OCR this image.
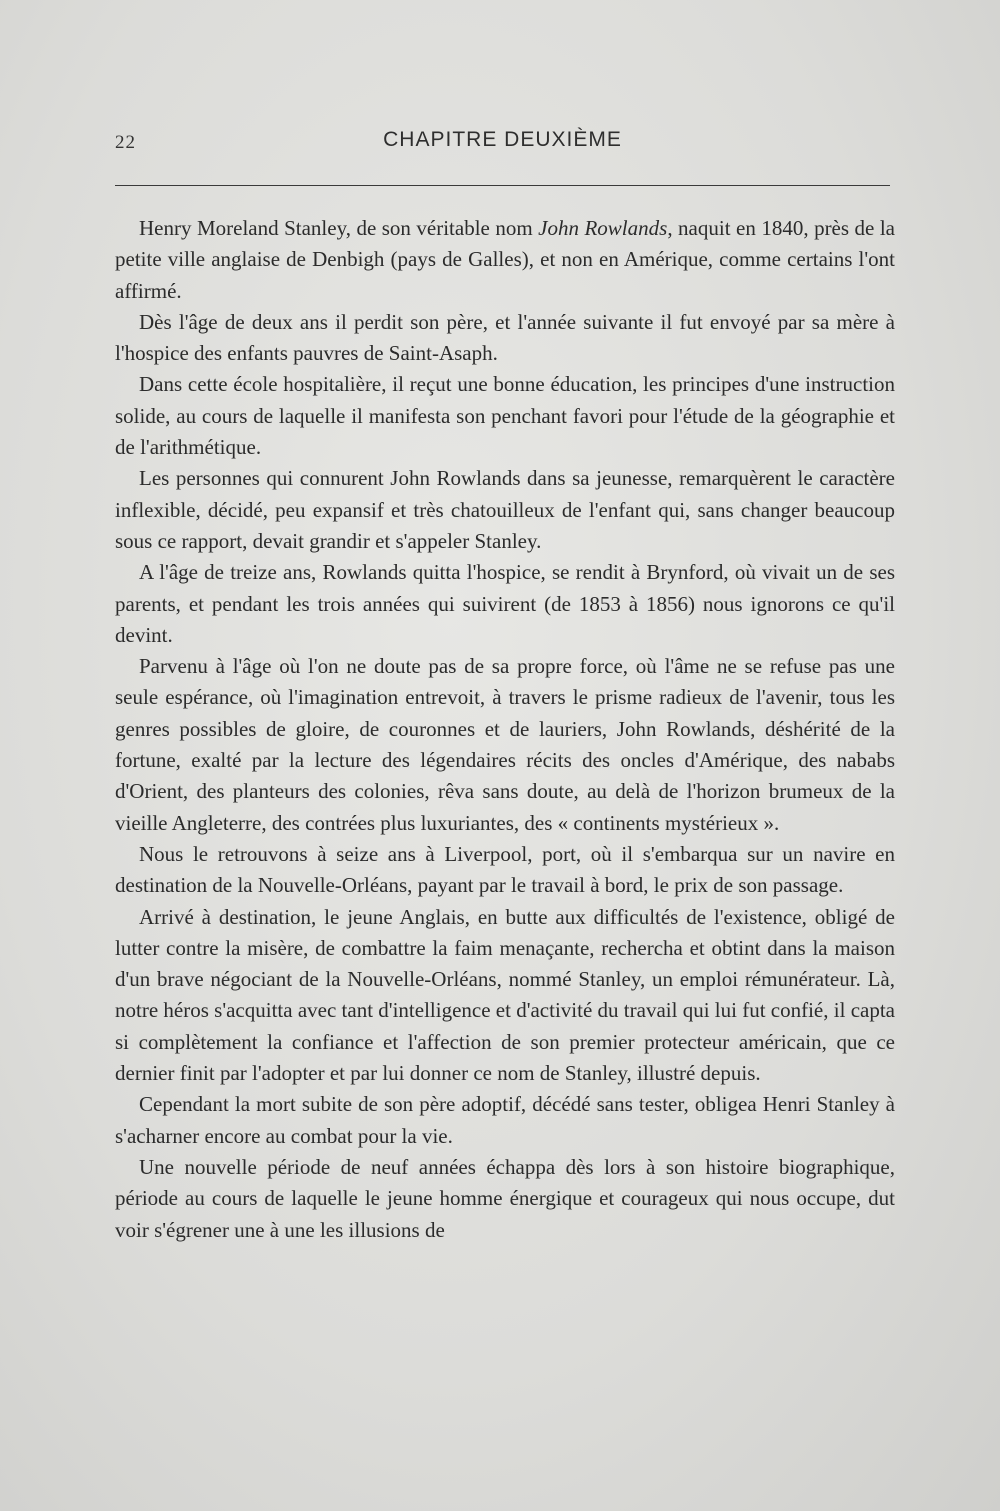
22	CHAPITRE DEUXIÈME

Henry Moreland Stanley, de son véritable nom John Rowlands, naquit en 1840, près de la petite ville anglaise de Denbigh (pays de Galles), et non en Amérique, comme certains l'ont affirmé.

Dès l'âge de deux ans il perdit son père, et l'année suivante il fut envoyé par sa mère à l'hospice des enfants pauvres de Saint-Asaph.

Dans cette école hospitalière, il reçut une bonne éducation, les principes d'une instruction solide, au cours de laquelle il manifesta son penchant favori pour l'étude de la géographie et de l'arithmétique.

Les personnes qui connurent John Rowlands dans sa jeunesse, remarquèrent le caractère inflexible, décidé, peu expansif et très chatouilleux de l'enfant qui, sans changer beaucoup sous ce rapport, devait grandir et s'appeler Stanley.

A l'âge de treize ans, Rowlands quitta l'hospice, se rendit à Brynford, où vivait un de ses parents, et pendant les trois années qui suivirent (de 1853 à 1856) nous ignorons ce qu'il devint.

Parvenu à l'âge où l'on ne doute pas de sa propre force, où l'âme ne se refuse pas une seule espérance, où l'imagination entrevoit, à travers le prisme radieux de l'avenir, tous les genres possibles de gloire, de couronnes et de lauriers, John Rowlands, déshérité de la fortune, exalté par la lecture des légendaires récits des oncles d'Amérique, des nababs d'Orient, des planteurs des colonies, rêva sans doute, au delà de l'horizon brumeux de la vieille Angleterre, des contrées plus luxuriantes, des « continents mystérieux ».

Nous le retrouvons à seize ans à Liverpool, port, où il s'embarqua sur un navire en destination de la Nouvelle-Orléans, payant par le travail à bord, le prix de son passage.

Arrivé à destination, le jeune Anglais, en butte aux difficultés de l'existence, obligé de lutter contre la misère, de combattre la faim menaçante, rechercha et obtint dans la maison d'un brave négociant de la Nouvelle-Orléans, nommé Stanley, un emploi rémunérateur. Là, notre héros s'acquitta avec tant d'intelligence et d'activité du travail qui lui fut confié, il capta si complètement la confiance et l'affection de son premier protecteur américain, que ce dernier finit par l'adopter et par lui donner ce nom de Stanley, illustré depuis.

Cependant la mort subite de son père adoptif, décédé sans tester, obligea Henri Stanley à s'acharner encore au combat pour la vie.

Une nouvelle période de neuf années échappa dès lors à son histoire biographique, période au cours de laquelle le jeune homme énergique et courageux qui nous occupe, dut voir s'égrener une à une les illusions de
